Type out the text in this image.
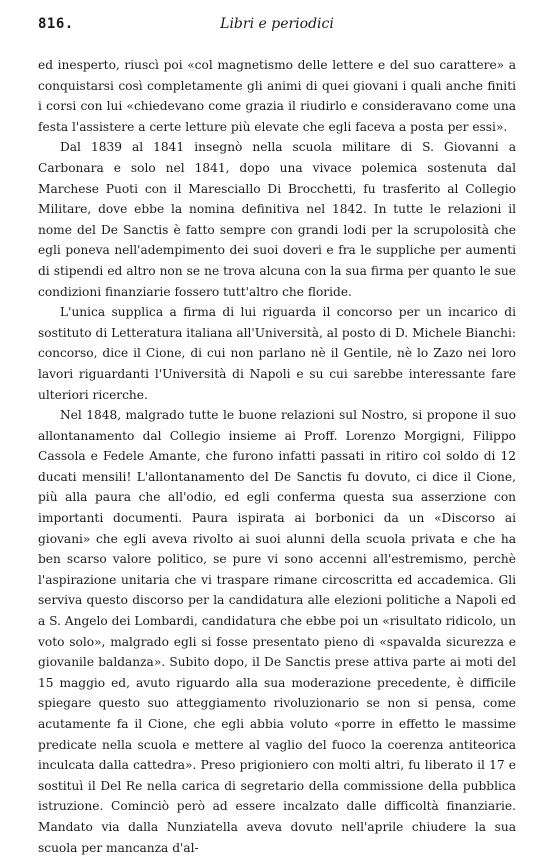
816.	Libri e periodici

ed inesperto, riuscì poi «col magnetismo delle lettere e del suo carattere» a conquistarsi così completamente gli animi di quei giovani i quali anche finiti i corsi con lui «chiedevano come grazia il riudirlo e consideravano come una festa l'assistere a certe letture più elevate che egli faceva a posta per essi».

Dal 1839 al 1841 insegnò nella scuola militare di S. Giovanni a Carbonara e solo nel 1841, dopo una vivace polemica sostenuta dal Marchese Puoti con il Maresciallo Di Brocchetti, fu trasferito al Collegio Militare, dove ebbe la nomina definitiva nel 1842. In tutte le relazioni il nome del De Sanctis è fatto sempre con grandi lodi per la scrupolosità che egli poneva nell'adempimento dei suoi doveri e fra le suppliche per aumenti di stipendi ed altro non se ne trova alcuna con la sua firma per quanto le sue condizioni finanziarie fossero tutt'altro che floride.

L'unica supplica a firma di lui riguarda il concorso per un incarico di sostituto di Letteratura italiana all'Università, al posto di D. Michele Bianchi: concorso, dice il Cione, di cui non parlano nè il Gentile, nè lo Zazo nei loro lavori riguardanti l'Università di Napoli e su cui sarebbe interessante fare ulteriori ricerche.

Nel 1848, malgrado tutte le buone relazioni sul Nostro, si propone il suo allontanamento dal Collegio insieme ai Proff. Lorenzo Morgigni, Filippo Cassola e Fedele Amante, che furono infatti passati in ritiro col soldo di 12 ducati mensili! L'allontanamento del De Sanctis fu dovuto, ci dice il Cione, più alla paura che all'odio, ed egli conferma questa sua asserzione con importanti documenti. Paura ispirata ai borbonici da un «Discorso ai giovani» che egli aveva rivolto ai suoi alunni della scuola privata e che ha ben scarso valore politico, se pure vi sono accenni all'estremismo, perchè l'aspirazione unitaria che vi traspare rimane circoscritta ed accademica. Gli serviva questo discorso per la candidatura alle elezioni politiche a Napoli ed a S. Angelo dei Lombardi, candidatura che ebbe poi un «risultato ridicolo, un voto solo», malgrado egli si fosse presentato pieno di «spavalda sicurezza e giovanile baldanza». Subito dopo, il De Sanctis prese attiva parte ai moti del 15 maggio ed, avuto riguardo alla sua moderazione precedente, è difficile spiegare questo suo atteggiamento rivoluzionario se non si pensa, come acutamente fa il Cione, che egli abbia voluto «porre in effetto le massime predicate nella scuola e mettere al vaglio del fuoco la coerenza antiteorica inculcata dalla cattedra». Preso prigioniero con molti altri, fu liberato il 17 e sostituì il Del Re nella carica di segretario della commissione della pubblica istruzione. Cominciò però ad essere incalzato dalle difficoltà finanziarie. Mandato via dalla Nunziatella aveva dovuto nell'aprile chiudere la sua scuola per mancanza d'al-
